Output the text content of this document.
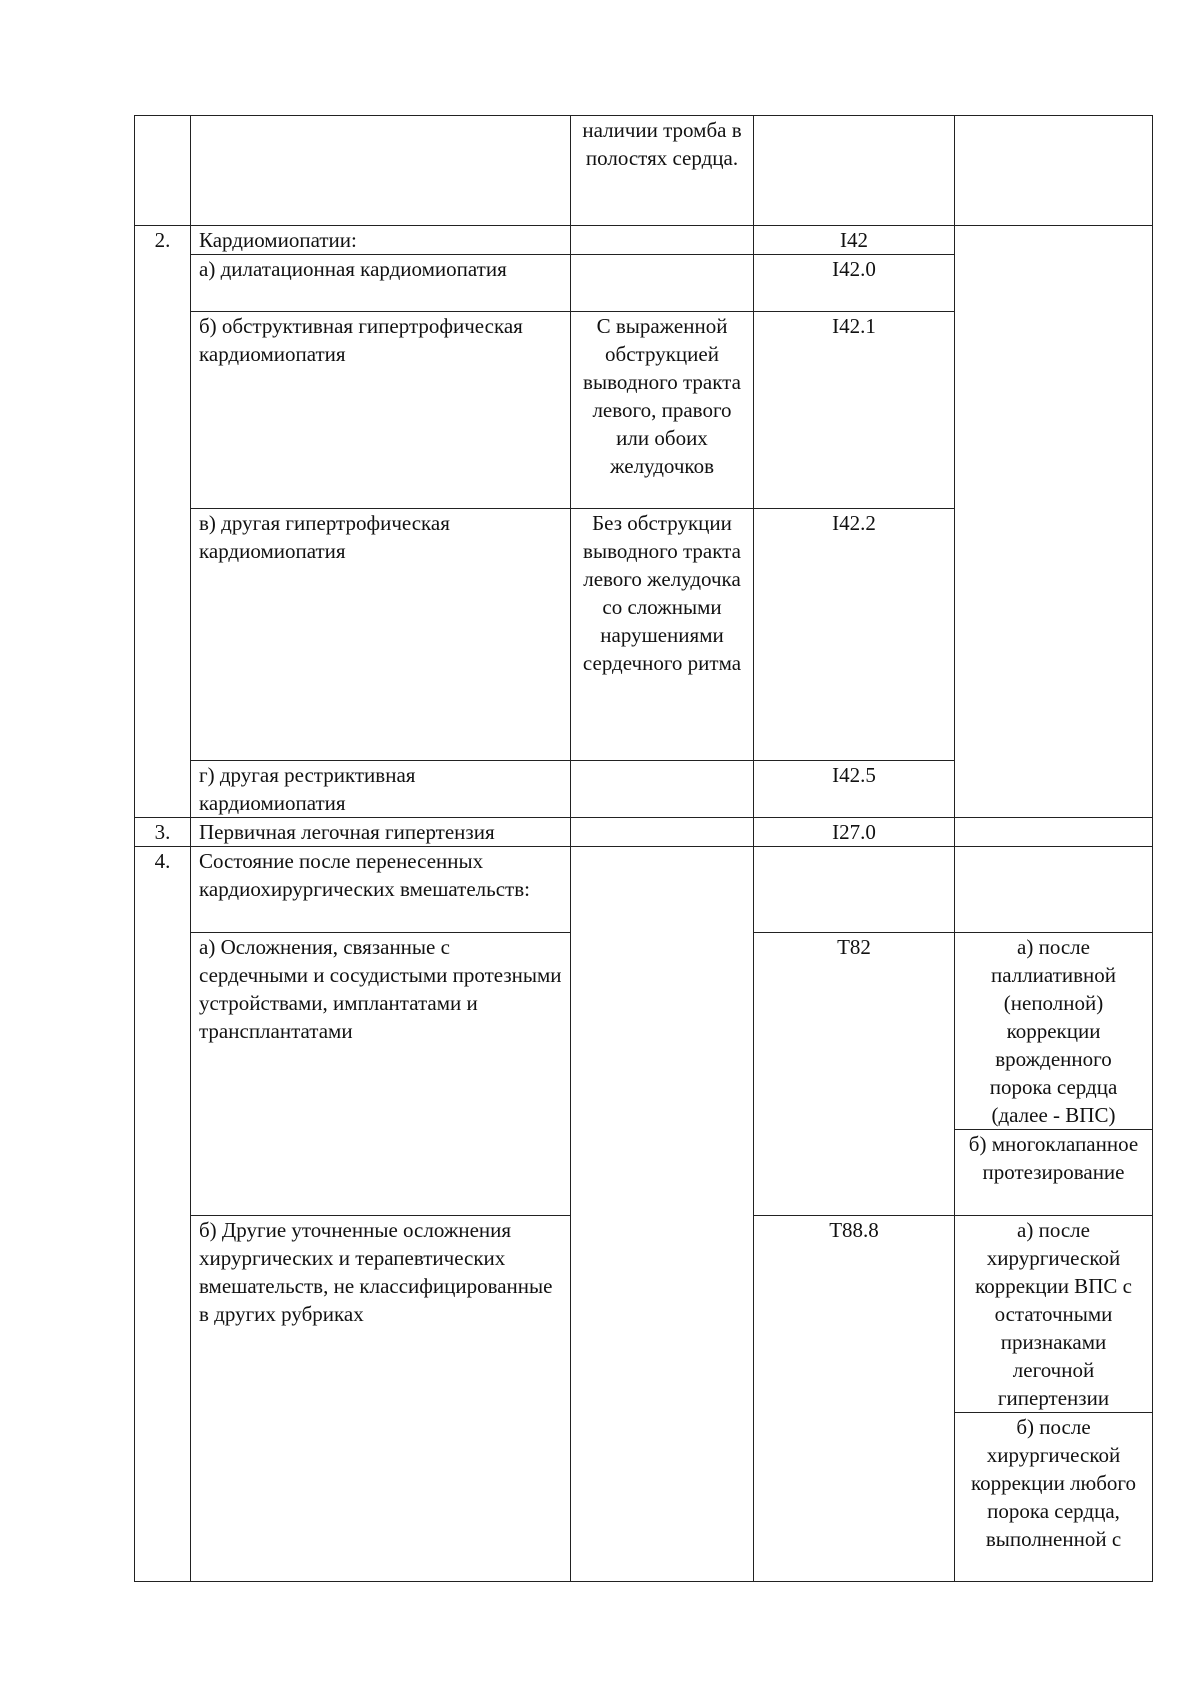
		наличии тромба в полостях сердца.		
2.	Кардиомиопатии:		I42	
	а) дилатационная кардиомиопатия		I42.0	
	б) обструктивная гипертрофическая кардиомиопатия	С выраженной обструкцией выводного тракта левого, правого или обоих желудочков	I42.1	
	в) другая гипертрофическая кардиомиопатия	Без обструкции выводного тракта левого желудочка со сложными нарушениями сердечного ритма	I42.2	
	г) другая рестриктивная кардиомиопатия		I42.5	
3.	Первичная легочная гипертензия		I27.0	
4.	Состояние после перенесенных кардиохирургических вмешательств:			
	а) Осложнения, связанные с сердечными и сосудистыми протезными устройствами, имплантатами и трансплантатами		T82	а) после паллиативной (неполной) коррекции врожденного порока сердца (далее - ВПС)
				б) многоклапанное протезирование
	б) Другие уточненные осложнения хирургических и терапевтических вмешательств, не классифицированные в других рубриках		T88.8	а) после хирургической коррекции ВПС с остаточными признаками легочной гипертензии
				б) после хирургической коррекции любого порока сердца, выполненной с
